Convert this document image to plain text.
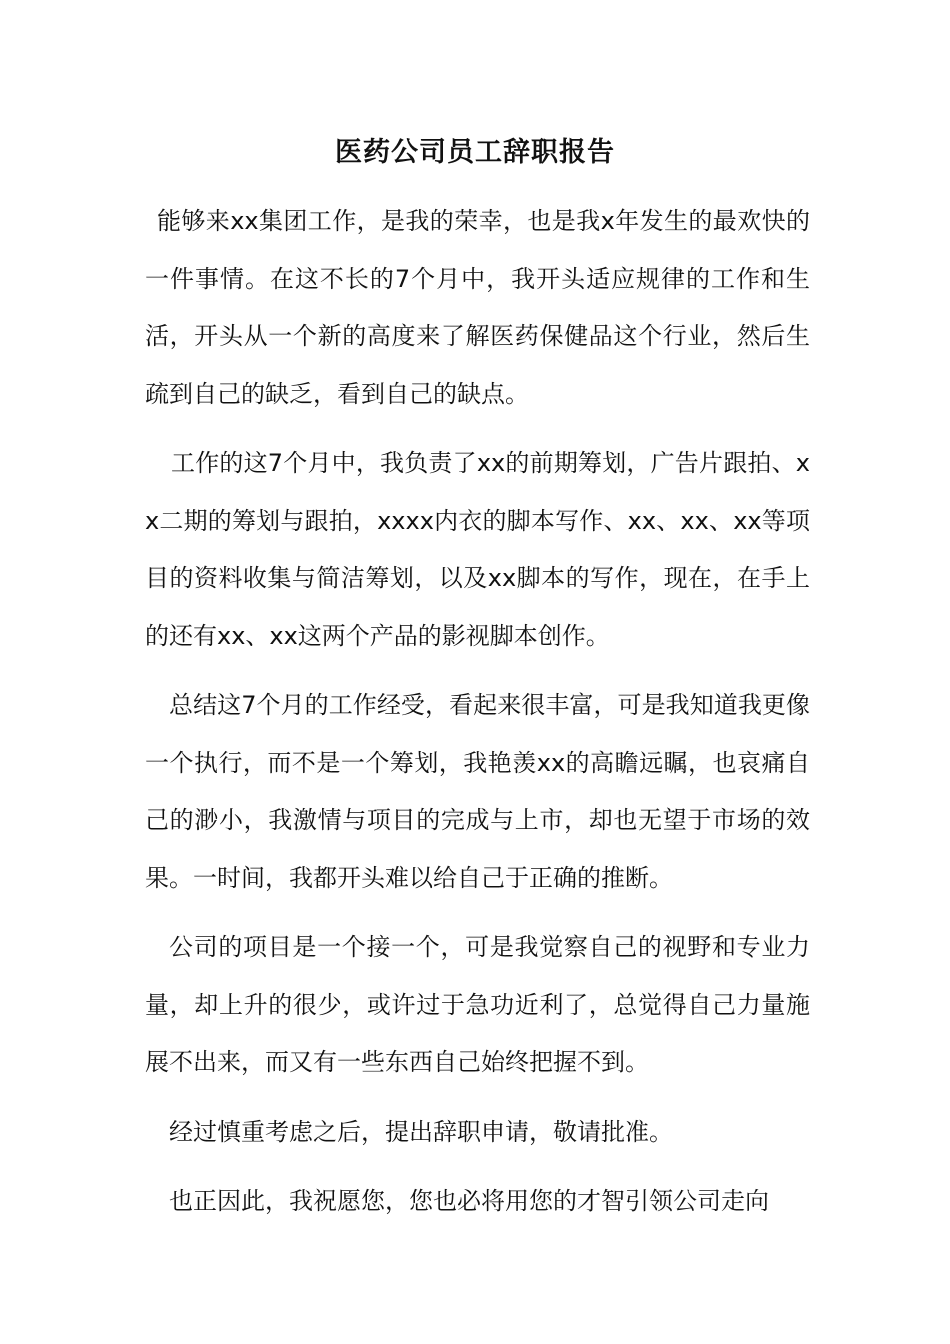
医药公司员工辞职报告

能够来xx集团工作，是我的荣幸，也是我x年发生的最欢快的一件事情。在这不长的7个月中，我开头适应规律的工作和生活，开头从一个新的高度来了解医药保健品这个行业，然后生疏到自己的缺乏，看到自己的缺点。

工作的这7个月中，我负责了xx的前期筹划，广告片跟拍、xx二期的筹划与跟拍，xxxx内衣的脚本写作、xx、xx、xx等项目的资料收集与简洁筹划，以及xx脚本的写作，现在，在手上的还有xx、xx这两个产品的影视脚本创作。

总结这7个月的工作经受，看起来很丰富，可是我知道我更像一个执行，而不是一个筹划，我艳羡xx的高瞻远瞩，也哀痛自己的渺小，我激情与项目的完成与上市，却也无望于市场的效果。一时间，我都开头难以给自己于正确的推断。

公司的项目是一个接一个，可是我觉察自己的视野和专业力量，却上升的很少，或许过于急功近利了，总觉得自己力量施展不出来，而又有一些东西自己始终把握不到。

经过慎重考虑之后，提出辞职申请，敬请批准。

也正因此，我祝愿您，您也必将用您的才智引领公司走向
